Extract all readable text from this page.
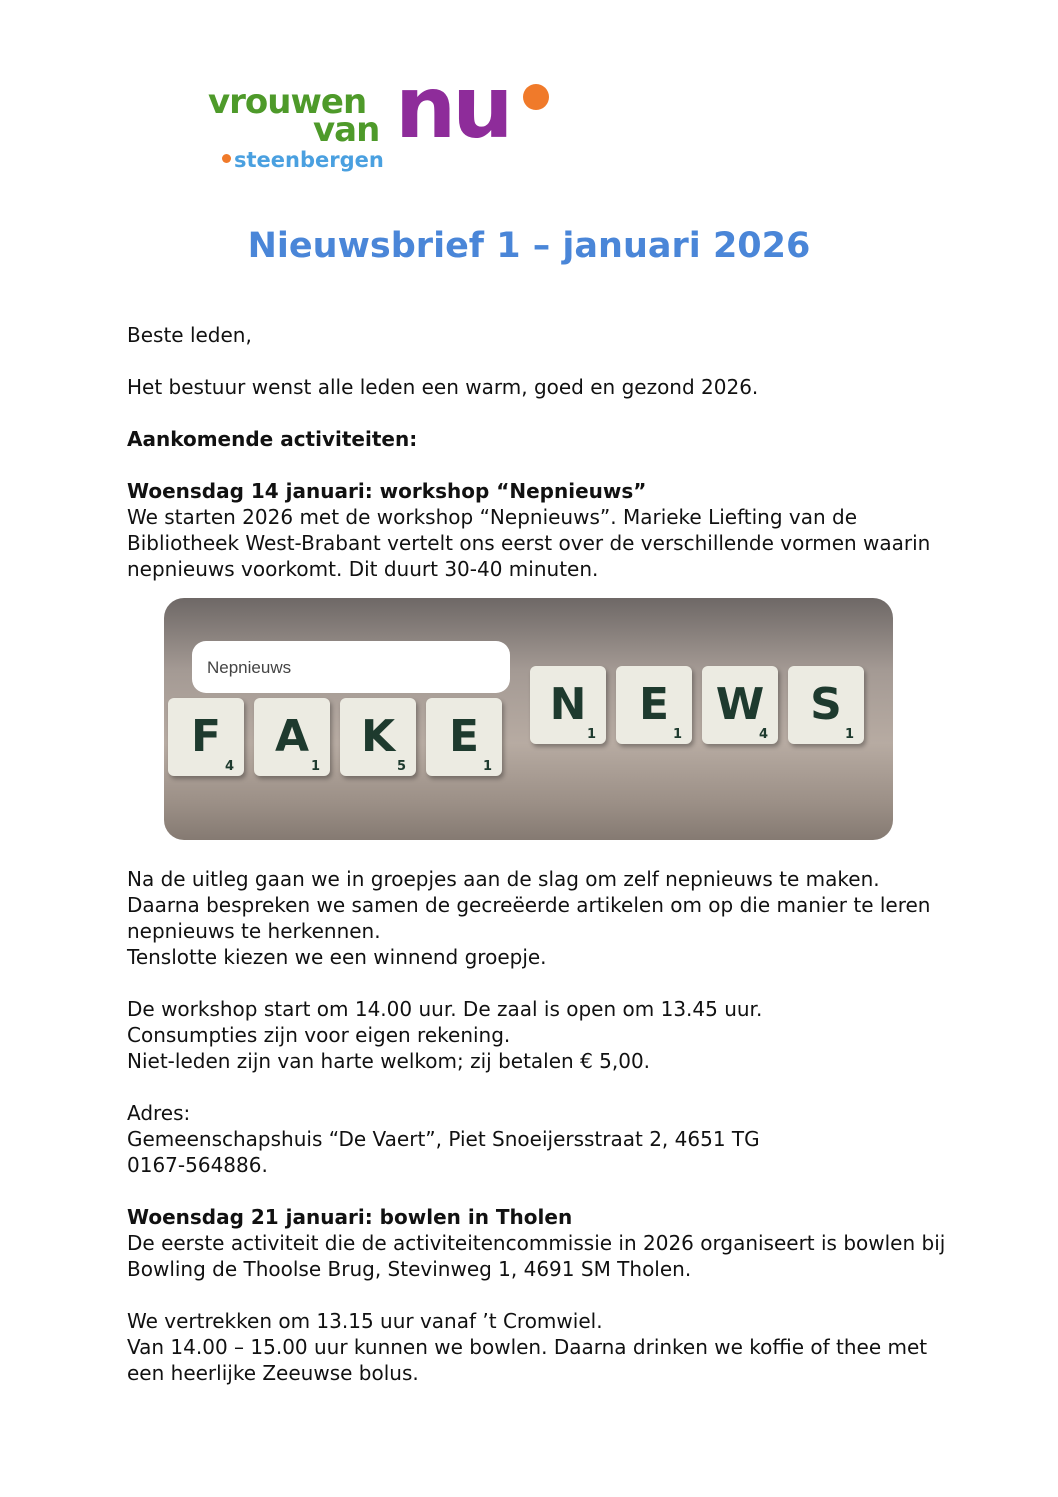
vrouwen
van nu
steenbergen
Nieuwsbrief 1 – januari 2026

Beste leden,

Het bestuur wenst alle leden een warm, goed en gezond 2026.

Aankomende activiteiten:

Woensdag 14 januari: workshop “Nepnieuws”
We starten 2026 met de workshop “Nepnieuws”. Marieke Liefting van de Bibliotheek West-Brabant vertelt ons eerst over de verschillende vormen waarin nepnieuws voorkomt. Dit duurt 30-40 minuten.
Nepnieuws
F
4
A
1
K
5
E
1
N
1
E
1
W
4
S
1
Na de uitleg gaan we in groepjes aan de slag om zelf nepnieuws te maken.
Daarna bespreken we samen de gecreëerde artikelen om op die manier te leren nepnieuws te herkennen.
Tenslotte kiezen we een winnend groepje.

De workshop start om 14.00 uur. De zaal is open om 13.45 uur.
Consumpties zijn voor eigen rekening.
Niet-leden zijn van harte welkom; zij betalen € 5,00.

Adres:
Gemeenschapshuis “De Vaert”, Piet Snoeijersstraat 2, 4651 TG
0167-564886.

Woensdag 21 januari: bowlen in Tholen
De eerste activiteit die de activiteitencommissie in 2026 organiseert is bowlen bij Bowling de Thoolse Brug, Stevinweg 1, 4691 SM Tholen.

We vertrekken om 13.15 uur vanaf ’t Cromwiel.
Van 14.00 – 15.00 uur kunnen we bowlen. Daarna drinken we koffie of thee met een heerlijke Zeeuwse bolus.
